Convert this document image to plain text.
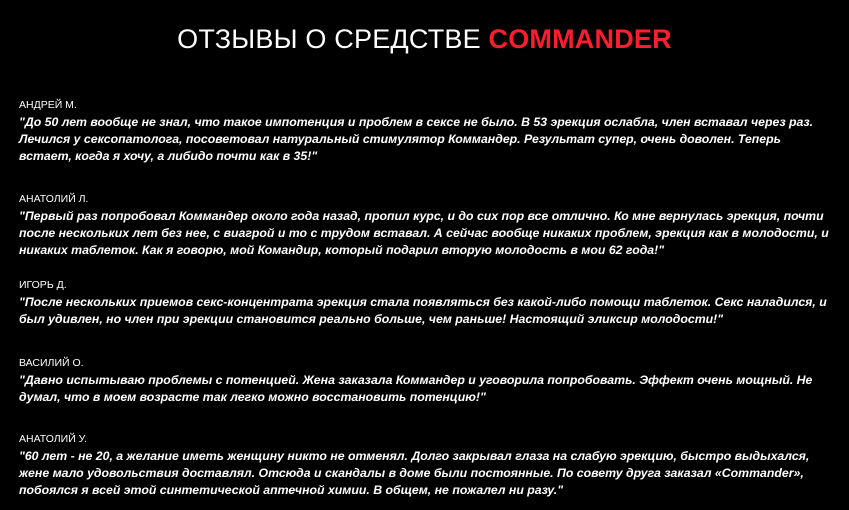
ОТЗЫВЫ О СРЕДСТВЕ COMMANDER
АНДРЕЙ М.

"До 50 лет вообще не знал, что такое импотенция и проблем в сексе не было. В 53 эрекция ослабла, член вставал через раз. Лечился у сексопатолога, посоветовал натуральный стимулятор Коммандер. Результат супер, очень доволен. Теперь встает, когда я хочу, а либидо почти как в 35!"

АНАТОЛИЙ Л.

"Первый раз попробовал Коммандер около года назад, пропил курс, и до сих пор все отлично. Ко мне вернулась эрекция, почти после нескольких лет без нее, с виагрой и то с трудом вставал. А сейчас вообще никаких проблем, эрекция как в молодости, и никаких таблеток. Как я говорю, мой Командир, который подарил вторую молодость в мои 62 года!"

ИГОРЬ Д.

"После нескольких приемов секс-концентрата эрекция стала появляться без какой-либо помощи таблеток. Секс наладился, и был удивлен, но член при эрекции становится реально больше, чем раньше! Настоящий эликсир молодости!"

ВАСИЛИЙ О.

"Давно испытываю проблемы с потенцией. Жена заказала Коммандер и уговорила попробовать. Эффект очень мощный. Не думал, что в моем возрасте так легко можно восстановить потенцию!"

АНАТОЛИЙ У.

"60 лет - не 20, а желание иметь женщину никто не отменял. Долго закрывал глаза на слабую эрекцию, быстро выдыхался, жене мало удовольствия доставлял. Отсюда и скандалы в доме были постоянные. По совету друга заказал «Commander», побоялся я всей этой синтетической аптечной химии. В общем, не пожалел ни разу."
